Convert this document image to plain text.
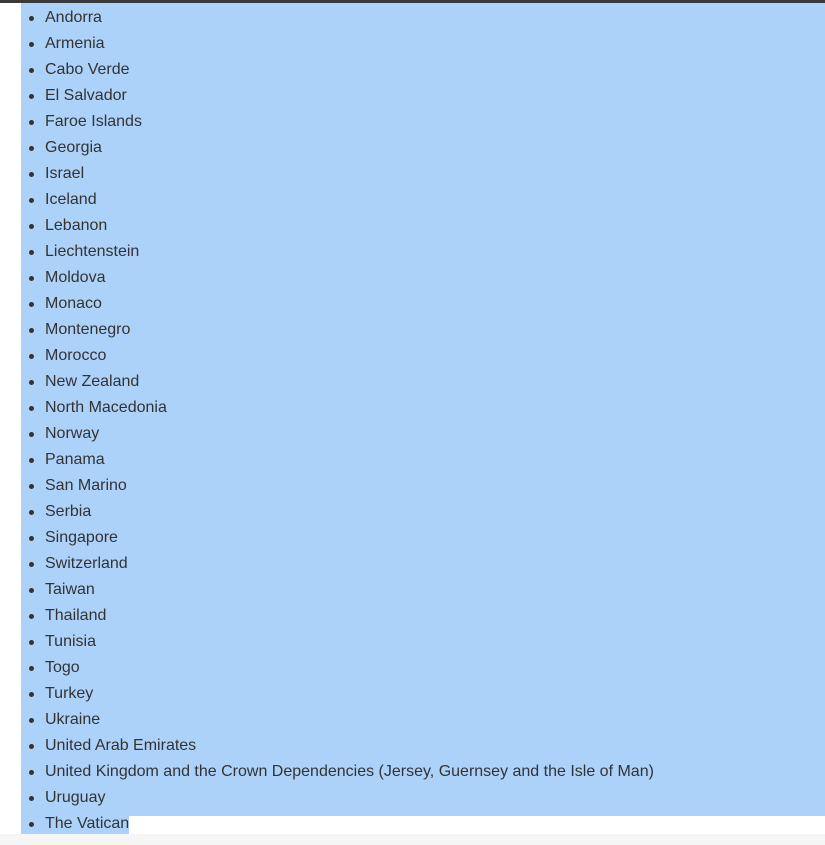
Andorra
Armenia
Cabo Verde
El Salvador
Faroe Islands
Georgia
Israel
Iceland
Lebanon
Liechtenstein
Moldova
Monaco
Montenegro
Morocco
New Zealand
North Macedonia
Norway
Panama
San Marino
Serbia
Singapore
Switzerland
Taiwan
Thailand
Tunisia
Togo
Turkey
Ukraine
United Arab Emirates
United Kingdom and the Crown Dependencies (Jersey, Guernsey and the Isle of Man)
Uruguay
The Vatican
